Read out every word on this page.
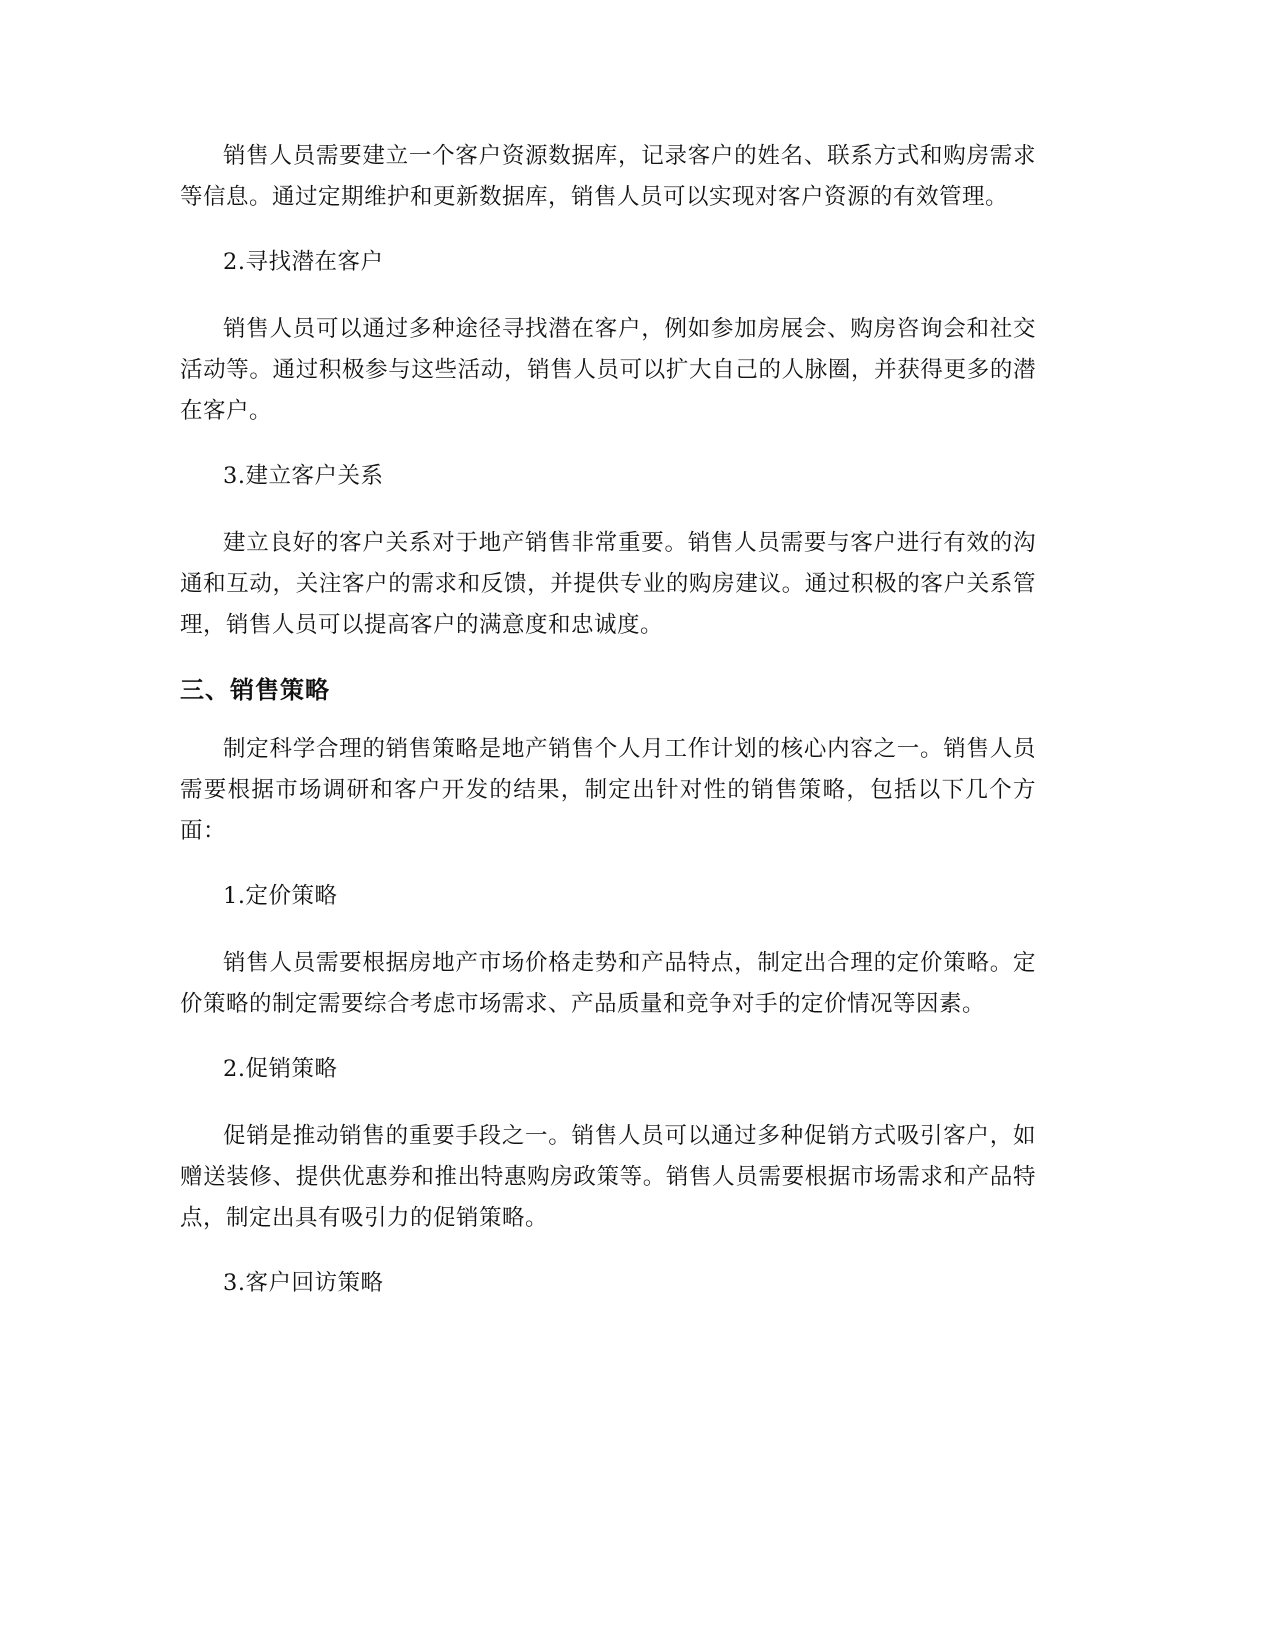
销售人员需要建立一个客户资源数据库，记录客户的姓名、联系方式和购房需求等信息。通过定期维护和更新数据库，销售人员可以实现对客户资源的有效管理。

2.寻找潜在客户

销售人员可以通过多种途径寻找潜在客户，例如参加房展会、购房咨询会和社交活动等。通过积极参与这些活动，销售人员可以扩大自己的人脉圈，并获得更多的潜在客户。

3.建立客户关系

建立良好的客户关系对于地产销售非常重要。销售人员需要与客户进行有效的沟通和互动，关注客户的需求和反馈，并提供专业的购房建议。通过积极的客户关系管理，销售人员可以提高客户的满意度和忠诚度。

三、销售策略

制定科学合理的销售策略是地产销售个人月工作计划的核心内容之一。销售人员需要根据市场调研和客户开发的结果，制定出针对性的销售策略，包括以下几个方面：

1.定价策略

销售人员需要根据房地产市场价格走势和产品特点，制定出合理的定价策略。定价策略的制定需要综合考虑市场需求、产品质量和竞争对手的定价情况等因素。

2.促销策略

促销是推动销售的重要手段之一。销售人员可以通过多种促销方式吸引客户，如赠送装修、提供优惠券和推出特惠购房政策等。销售人员需要根据市场需求和产品特点，制定出具有吸引力的促销策略。

3.客户回访策略
